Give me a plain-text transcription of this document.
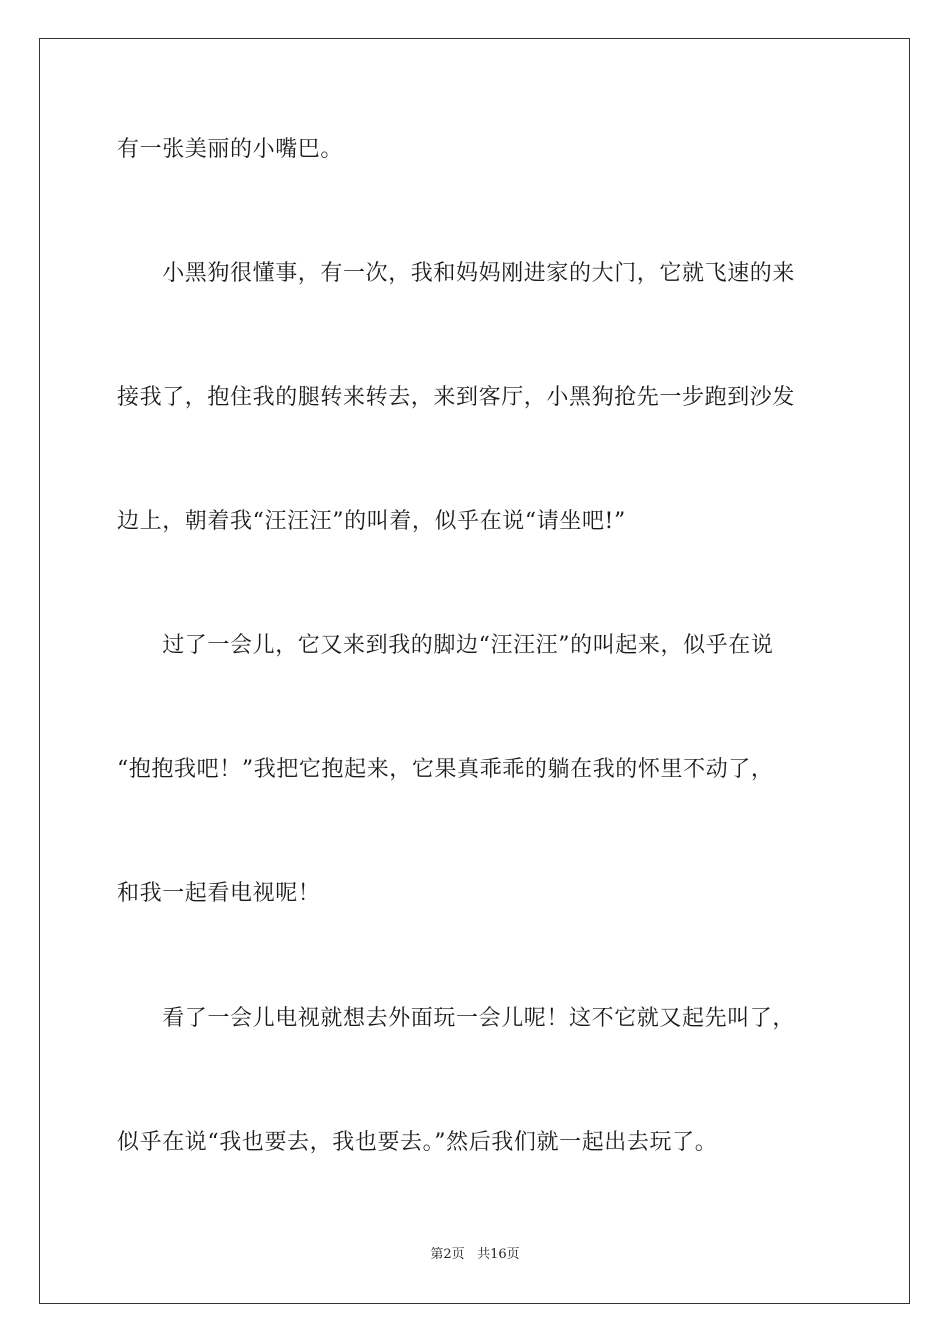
有一张美丽的小嘴巴。
　　小黑狗很懂事，有一次，我和妈妈刚进家的大门，它就飞速的来
接我了，抱住我的腿转来转去，来到客厅，小黑狗抢先一步跑到沙发
边上，朝着我“汪汪汪”的叫着，似乎在说“请坐吧!”
　　过了一会儿，它又来到我的脚边“汪汪汪”的叫起来，似乎在说
“抱抱我吧！”我把它抱起来，它果真乖乖的躺在我的怀里不动了，
和我一起看电视呢！
　　看了一会儿电视就想去外面玩一会儿呢！这不它就又起先叫了，
似乎在说“我也要去，我也要去。”然后我们就一起出去玩了。
第2页 共16页
